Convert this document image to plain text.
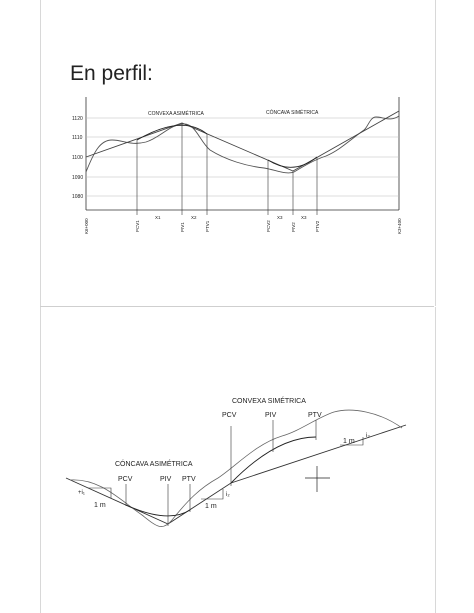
En perfil:
1120
1110
1100
1090
1080
CONVEXA ASIMÉTRICA	CÓNCAVA SIMÉTRICA
X1	X2	X3	X3
K6+000	PCV1	PIV1	PTV1	PCV2	PIV2	PTV2	K3+400
CONVEXA SIMÉTRICA
PCV	PIV	PTV
CÓNCAVA ASIMÉTRICA
PCV	PIV PTV
+i₁	i₂
i₃
1 m	1 m
1 m
